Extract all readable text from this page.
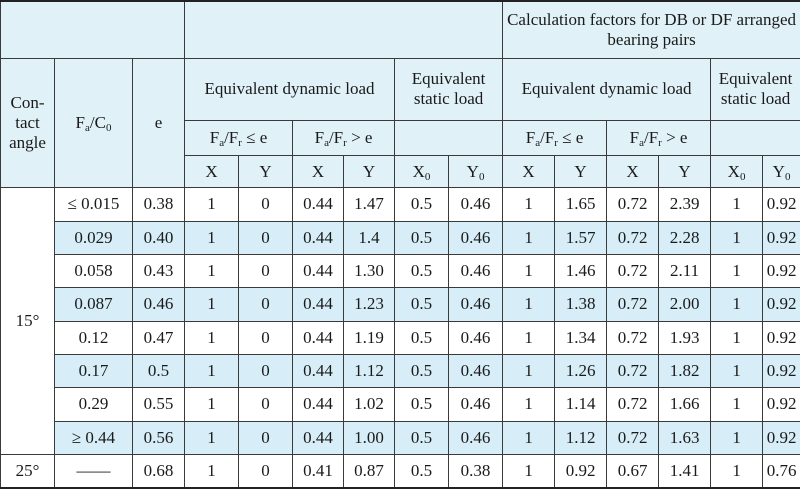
									Calculation factors for DB or DF arranged bearing pairs					
Con-tact angle	$F_a/C_0$	e	Equivalent dynamic load				Equivalent static load		Equivalent dynamic load				Equivalent static load	
			$F_a/F_r \le e$		$F_a/F_r > e$				$F_a/F_r \le e$		$F_a/F_r > e$			
			X	Y	X	Y	$X_0$	$Y_0$	X	Y	X	Y	$X_0$	$Y_0$
15°	≤ 0.015	0.38	1	0	0.44	1.47	0.5	0.46	1	1.65	0.72	2.39	1	0.92
	0.029	0.40	1	0	0.44	1.4	0.5	0.46	1	1.57	0.72	2.28	1	0.92
	0.058	0.43	1	0	0.44	1.30	0.5	0.46	1	1.46	0.72	2.11	1	0.92
	0.087	0.46	1	0	0.44	1.23	0.5	0.46	1	1.38	0.72	2.00	1	0.92
	0.12	0.47	1	0	0.44	1.19	0.5	0.46	1	1.34	0.72	1.93	1	0.92
	0.17	0.5	1	0	0.44	1.12	0.5	0.46	1	1.26	0.72	1.82	1	0.92
	0.29	0.55	1	0	0.44	1.02	0.5	0.46	1	1.14	0.72	1.66	1	0.92
	≥ 0.44	0.56	1	0	0.44	1.00	0.5	0.46	1	1.12	0.72	1.63	1	0.92
25°	——	0.68	1	0	0.41	0.87	0.5	0.38	1	0.92	0.67	1.41	1	0.76
